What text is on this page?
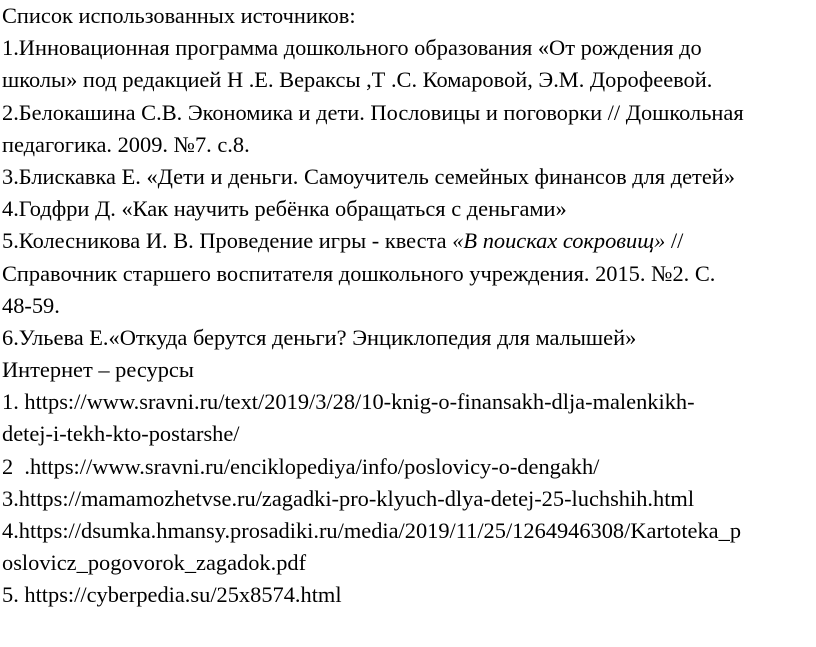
Список использованных источников:
1.Инновационная программа дошкольного образования «От рождения до
школы» под редакцией Н .Е. Вераксы ,Т .С. Комаровой, Э.М. Дорофеевой.
2.Белокашина С.В. Экономика и дети. Пословицы и поговорки // Дошкольная
педагогика. 2009. №7. с.8.
3.Блискавка Е. «Дети и деньги. Самоучитель семейных финансов для детей»
4.Годфри Д. «Как научить ребёнка обращаться с деньгами»
5.Колесникова И. В. Проведение игры - квеста «В поисках сокровищ» //
Справочник старшего воспитателя дошкольного учреждения. 2015. №2. С.
48-59.
6.Ульева Е.«Откуда берутся деньги? Энциклопедия для малышей»
Интернет – ресурсы
1. https://www.sravni.ru/text/2019/3/28/10-knig-o-finansakh-dlja-malenkikh-
detej-i-tekh-kto-postarshe/
2  .https://www.sravni.ru/enciklopediya/info/poslovicy-o-dengakh/
3.https://mamamozhetvse.ru/zagadki-pro-klyuch-dlya-detej-25-luchshih.html
4.https://dsumka.hmansy.prosadiki.ru/media/2019/11/25/1264946308/Kartoteka_p
oslovicz_pogovorok_zagadok.pdf
5. https://cyberpedia.su/25x8574.html
